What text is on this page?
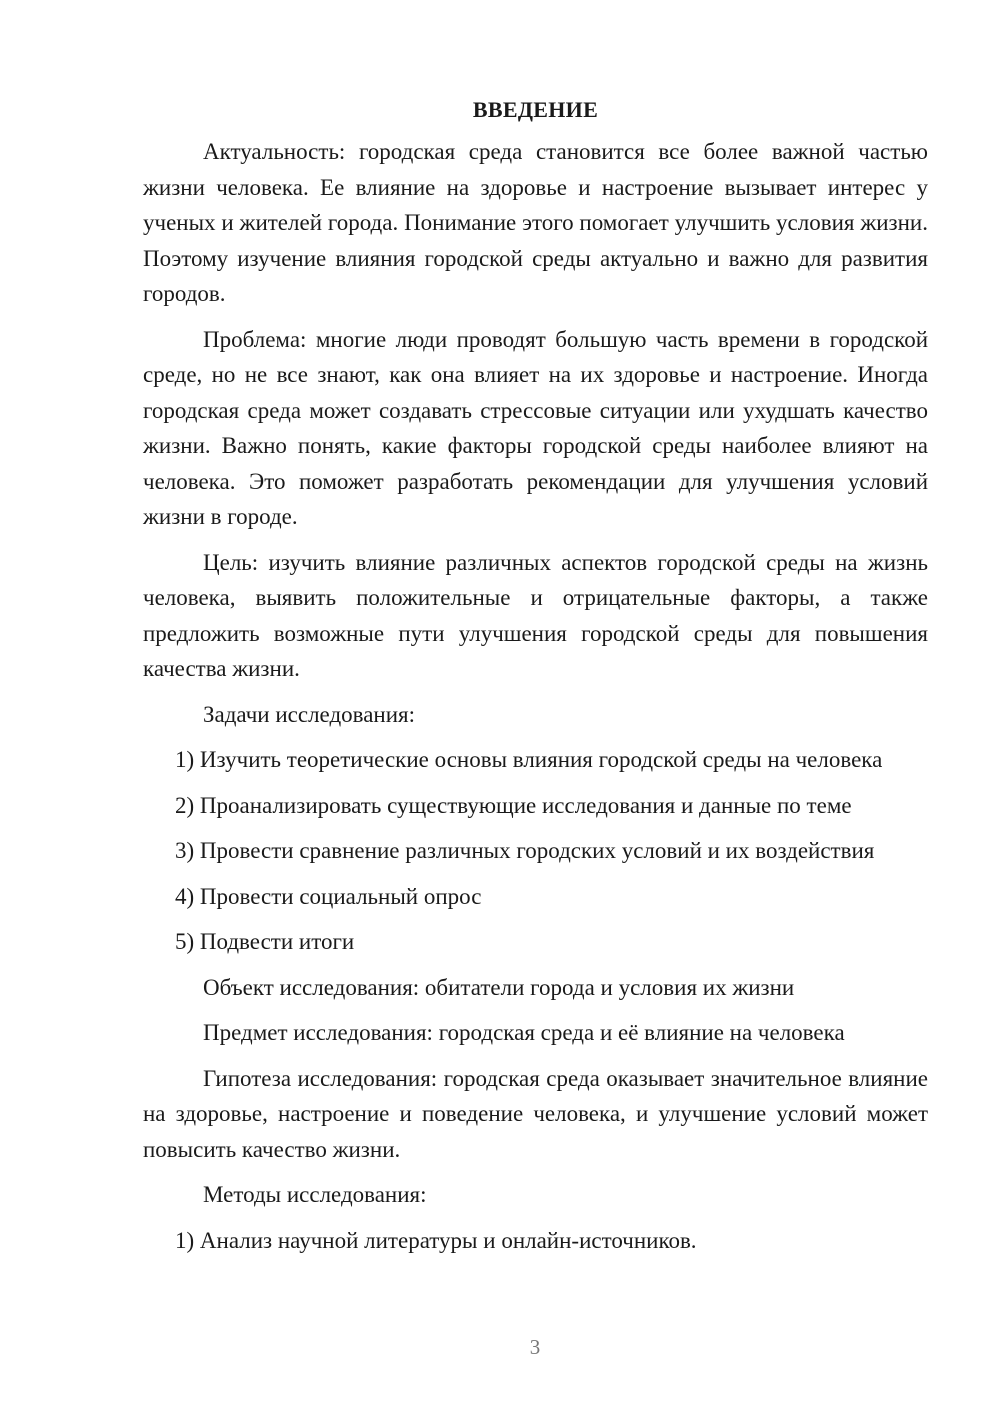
ВВЕДЕНИЕ

Актуальность: городская среда становится все более важной частью жизни человека. Ее влияние на здоровье и настроение вызывает интерес у ученых и жителей города. Понимание этого помогает улучшить условия жизни. Поэтому изучение влияния городской среды актуально и важно для развития городов.

Проблема: многие люди проводят большую часть времени в городской среде, но не все знают, как она влияет на их здоровье и настроение. Иногда городская среда может создавать стрессовые ситуации или ухудшать качество жизни. Важно понять, какие факторы городской среды наиболее влияют на человека. Это поможет разработать рекомендации для улучшения условий жизни в городе.

Цель: изучить влияние различных аспектов городской среды на жизнь человека, выявить положительные и отрицательные факторы, а также предложить возможные пути улучшения городской среды для повышения качества жизни.

Задачи исследования:

1) Изучить теоретические основы влияния городской среды на человека

2) Проанализировать существующие исследования и данные по теме

3) Провести сравнение различных городских условий и их воздействия

4) Провести социальный опрос

5) Подвести итоги

Объект исследования: обитатели города и условия их жизни

Предмет исследования: городская среда и её влияние на человека

Гипотеза исследования: городская среда оказывает значительное влияние на здоровье, настроение и поведение человека, и улучшение условий может повысить качество жизни.

Методы исследования:

1) Анализ научной литературы и онлайн-источников.

3
